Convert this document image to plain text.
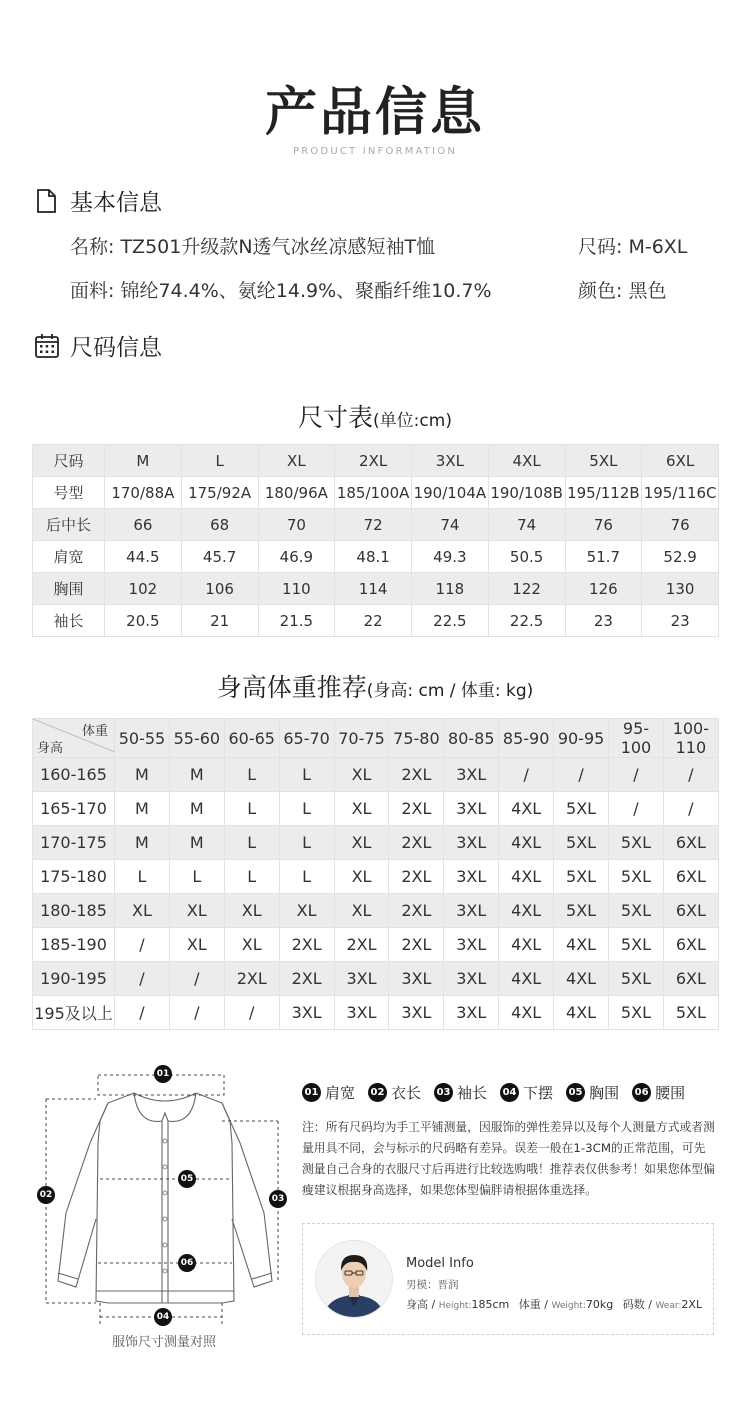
产品信息
PRODUCT INFORMATION
基本信息
名称: TZ501升级款N透气冰丝凉感短袖T恤	尺码: M-6XL
面料: 锦纶74.4%、氨纶14.9%、聚酯纤维10.7%	颜色: 黑色
尺码信息
尺寸表(单位:cm)
尺码	M	L	XL	2XL	3XL	4XL	5XL	6XL
号型	170/88A	175/92A	180/96A	185/100A	190/104A	190/108B	195/112B	195/116C
后中长	66	68	70	72	74	74	76	76
肩宽	44.5	45.7	46.9	48.1	49.3	50.5	51.7	52.9
胸围	102	106	110	114	118	122	126	130
袖长	20.5	21	21.5	22	22.5	22.5	23	23
身高体重推荐(身高: cm / 体重: kg)
体重
身高	50-55	55-60	60-65	65-70	70-75	75-80	80-85	85-90	90-95	95-100	100-110
160-165	M	M	L	L	XL	2XL	3XL	/	/	/	/
165-170	M	M	L	L	XL	2XL	3XL	4XL	5XL	/	/
170-175	M	M	L	L	XL	2XL	3XL	4XL	5XL	5XL	6XL
175-180	L	L	L	L	XL	2XL	3XL	4XL	5XL	5XL	6XL
180-185	XL	XL	XL	XL	XL	2XL	3XL	4XL	5XL	5XL	6XL
185-190	/	XL	XL	2XL	2XL	2XL	3XL	4XL	4XL	5XL	6XL
190-195	/	/	2XL	2XL	3XL	3XL	3XL	4XL	4XL	5XL	6XL
195及以上	/	/	/	3XL	3XL	3XL	3XL	4XL	4XL	5XL	5XL
01
02	03
04
05
06
服饰尺寸测量对照
01 肩宽 02 衣长 03 袖长 04 下摆 05 胸围 06 腰围
注：所有尺码均为手工平铺测量，因服饰的弹性差异以及每个人测量方式或者测量用具不同，会与标示的尺码略有差异。误差一般在1-3CM的正常范围，可先测量自己合身的衣服尺寸后再进行比较选购哦！推荐表仅供参考！如果您体型偏瘦建议根据身高选择，如果您体型偏胖请根据体重选择。
Model Info
男模：晋润
身高 / Height:185cm 体重 / Weight:70kg 码数 / Wear:2XL
